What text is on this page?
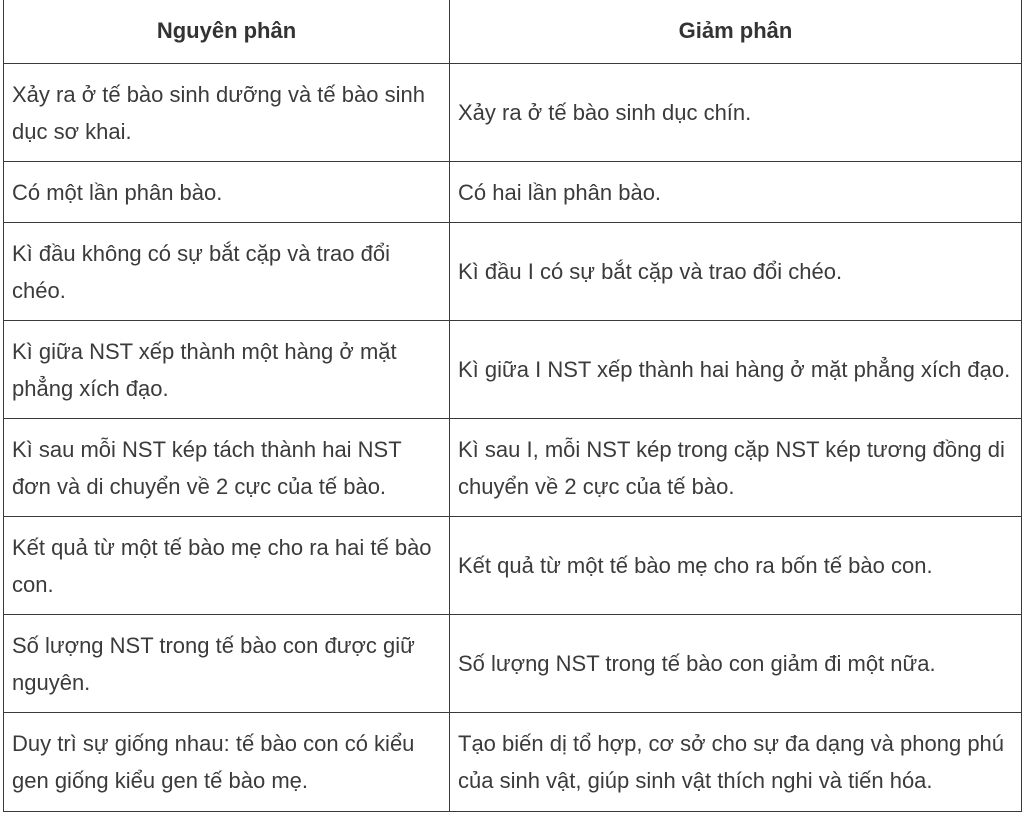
Nguyên phân	Giảm phân
Xảy ra ở tế bào sinh dưỡng và tế bào sinh dục sơ khai.	Xảy ra ở tế bào sinh dục chín.
Có một lần phân bào.	Có hai lần phân bào.
Kì đầu không có sự bắt cặp và trao đổi chéo.	Kì đầu I có sự bắt cặp và trao đổi chéo.
Kì giữa NST xếp thành một hàng ở mặt phẳng xích đạo.	Kì giữa I NST xếp thành hai hàng ở mặt phẳng xích đạo.
Kì sau mỗi NST kép tách thành hai NST đơn và di chuyển về 2 cực của tế bào.	Kì sau I, mỗi NST kép trong cặp NST kép tương đồng di chuyển về 2 cực của tế bào.
Kết quả từ một tế bào mẹ cho ra hai tế bào con.	Kết quả từ một tế bào mẹ cho ra bốn tế bào con.
Số lượng NST trong tế bào con được giữ nguyên.	Số lượng NST trong tế bào con giảm đi một nữa.
Duy trì sự giống nhau: tế bào con có kiểu gen giống kiểu gen tế bào mẹ.	Tạo biến dị tổ hợp, cơ sở cho sự đa dạng và phong phú của sinh vật, giúp sinh vật thích nghi và tiến hóa.
